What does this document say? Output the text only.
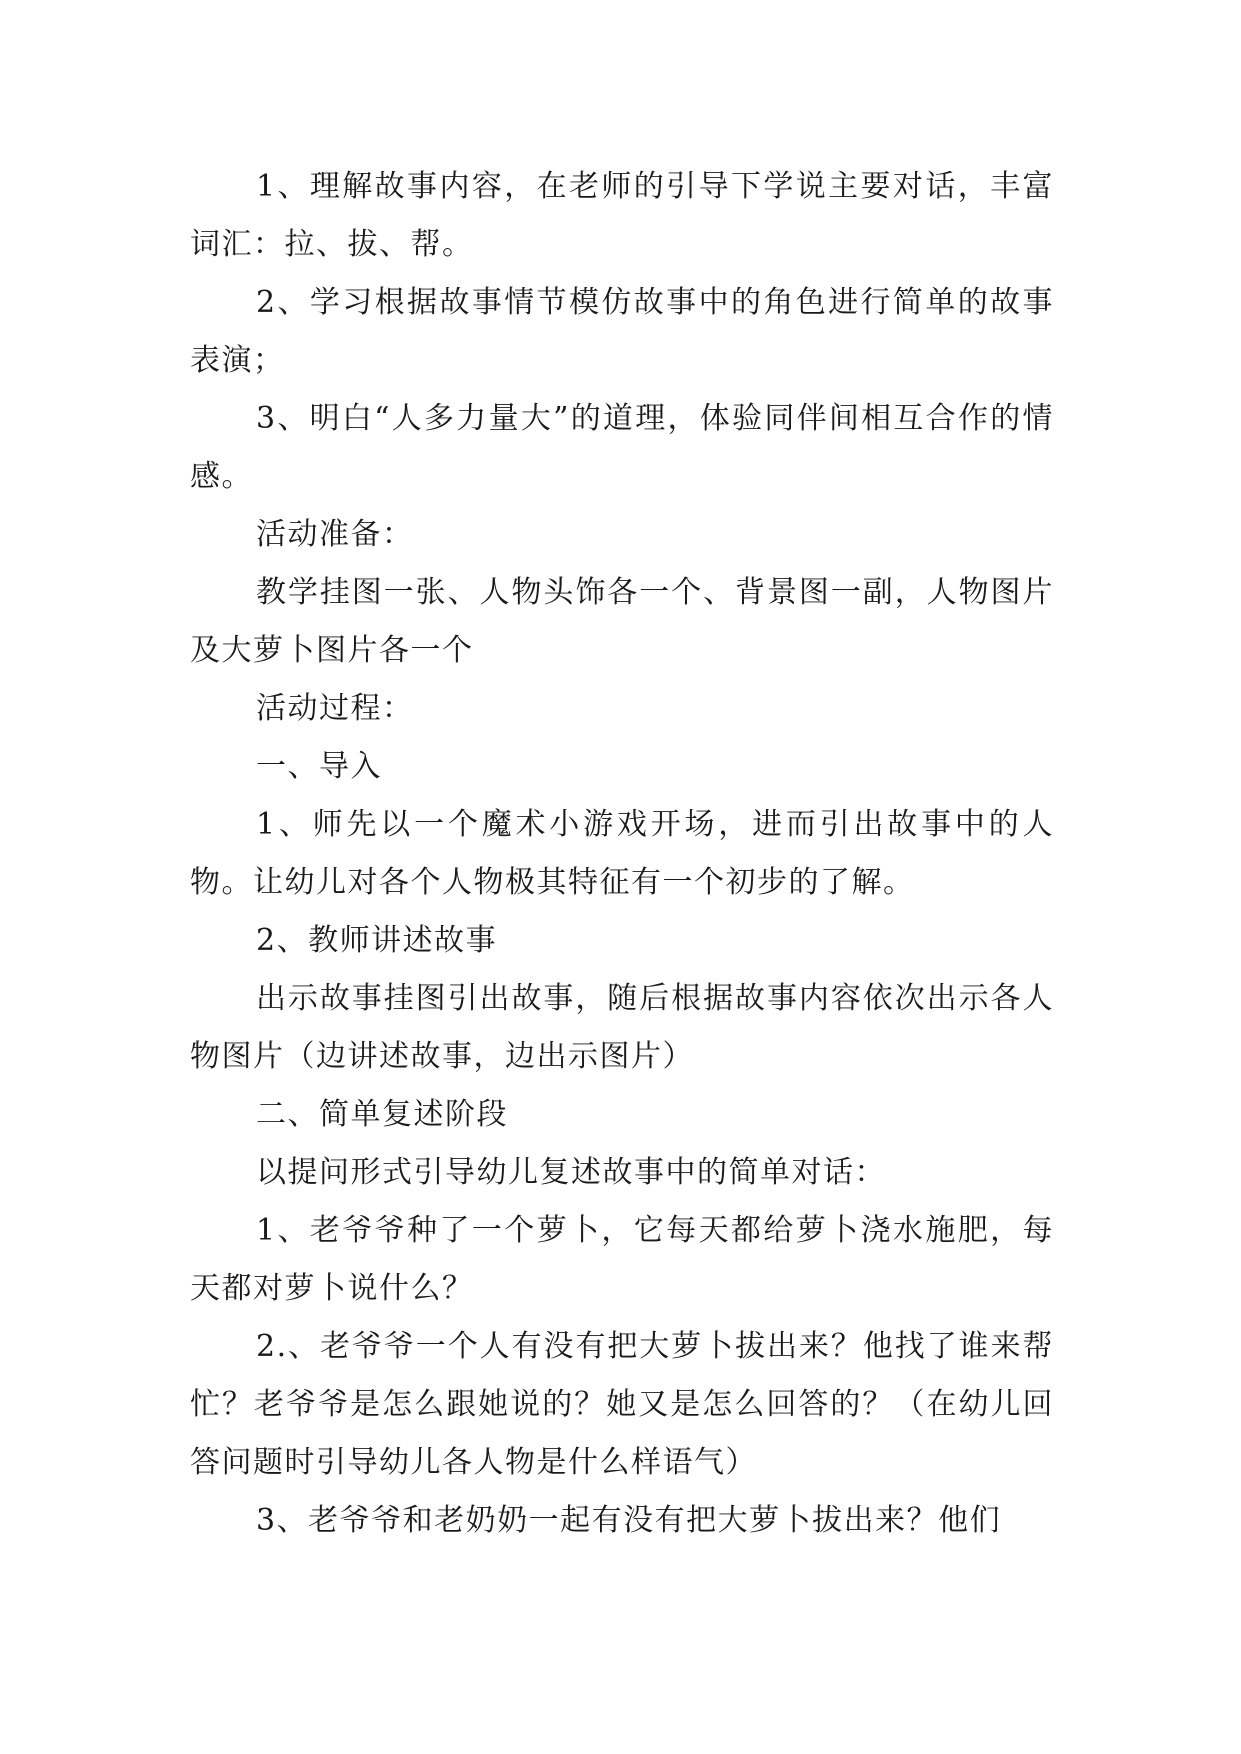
1、理解故事内容，在老师的引导下学说主要对话，丰富词汇：拉、拔、帮。

2、学习根据故事情节模仿故事中的角色进行简单的故事表演；

3、明白“人多力量大”的道理，体验同伴间相互合作的情感。

活动准备：

教学挂图一张、人物头饰各一个、背景图一副，人物图片及大萝卜图片各一个

活动过程：

一、导入

1、师先以一个魔术小游戏开场，进而引出故事中的人物。让幼儿对各个人物极其特征有一个初步的了解。

2、教师讲述故事

出示故事挂图引出故事，随后根据故事内容依次出示各人物图片（边讲述故事，边出示图片）

二、简单复述阶段

以提问形式引导幼儿复述故事中的简单对话：

1、老爷爷种了一个萝卜，它每天都给萝卜浇水施肥，每天都对萝卜说什么？

2.、老爷爷一个人有没有把大萝卜拔出来？他找了谁来帮忙？老爷爷是怎么跟她说的？她又是怎么回答的？（在幼儿回答问题时引导幼儿各人物是什么样语气）

3、老爷爷和老奶奶一起有没有把大萝卜拔出来？他们
